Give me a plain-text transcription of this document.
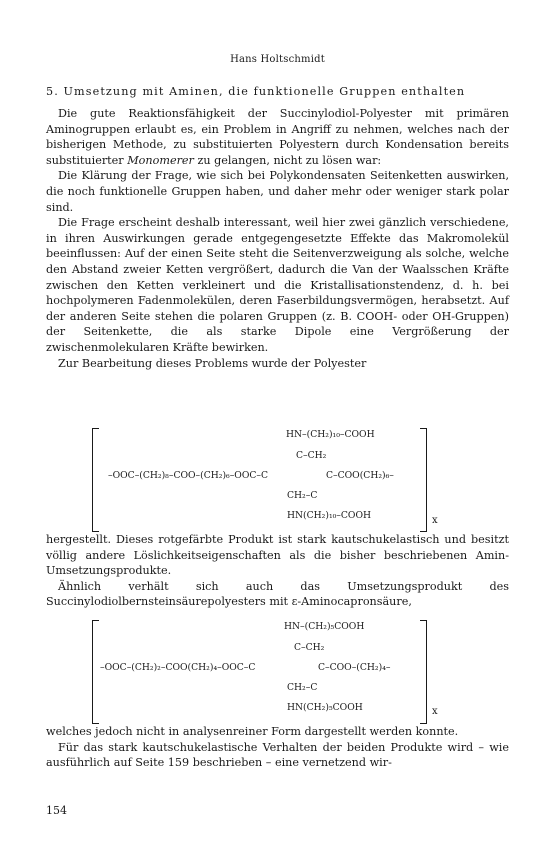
Hans Holtschmidt

5. Umsetzung mit Aminen, die funktionelle Gruppen enthalten

Die gute Reaktionsfähigkeit der Succinylodiol-Polyester mit primären Aminogruppen erlaubt es, ein Problem in Angriff zu nehmen, welches nach der bisherigen Methode, zu substituierten Polyestern durch Kondensation bereits substituierter Monomerer zu gelangen, nicht zu lösen war:

Die Klärung der Frage, wie sich bei Polykondensaten Seitenketten auswirken, die noch funktionelle Gruppen haben, und daher mehr oder weniger stark polar sind.

Die Frage erscheint deshalb interessant, weil hier zwei gänzlich verschiedene, in ihren Auswirkungen gerade entgegengesetzte Effekte das Makromolekül beeinflussen: Auf der einen Seite steht die Seitenverzweigung als solche, welche den Abstand zweier Ketten vergrößert, dadurch die Van der Waalsschen Kräfte zwischen den Ketten verkleinert und die Kristallisationstendenz, d. h. bei hochpolymeren Fadenmolekülen, deren Faserbildungsvermögen, herabsetzt. Auf der anderen Seite stehen die polaren Gruppen (z. B. COOH- oder OH-Gruppen) der Seitenkette, die als starke Dipole eine Vergrößerung der zwischenmolekularen Kräfte bewirken.

Zur Bearbeitung dieses Problems wurde der Polyester

x
HN–(CH₂)₁₀–COOH
C–CH₂
–OOC–(CH₂)₈–COO–(CH₂)₆–OOC–C	C–COO(CH₂)₆–
CH₂–C
HN(CH₂)₁₀–COOH

hergestellt. Dieses rotgefärbte Produkt ist stark kautschukelastisch und besitzt völlig andere Löslichkeitseigenschaften als die bisher beschriebenen Amin-Umsetzungsprodukte.

Ähnlich verhält sich auch das Umsetzungsprodukt des Succinylodiolbernsteinsäurepolyesters mit ε-Aminocapronsäure,

x
HN–(CH₂)₅COOH
C–CH₂
–OOC–(CH₂)₂–COO(CH₂)₄–OOC–C	C–COO–(CH₂)₄–
CH₂–C
HN(CH₂)₅COOH

welches jedoch nicht in analysenreiner Form dargestellt werden konnte.

Für das stark kautschukelastische Verhalten der beiden Produkte wird – wie ausführlich auf Seite 159 beschrieben – eine vernetzend wir-

154
